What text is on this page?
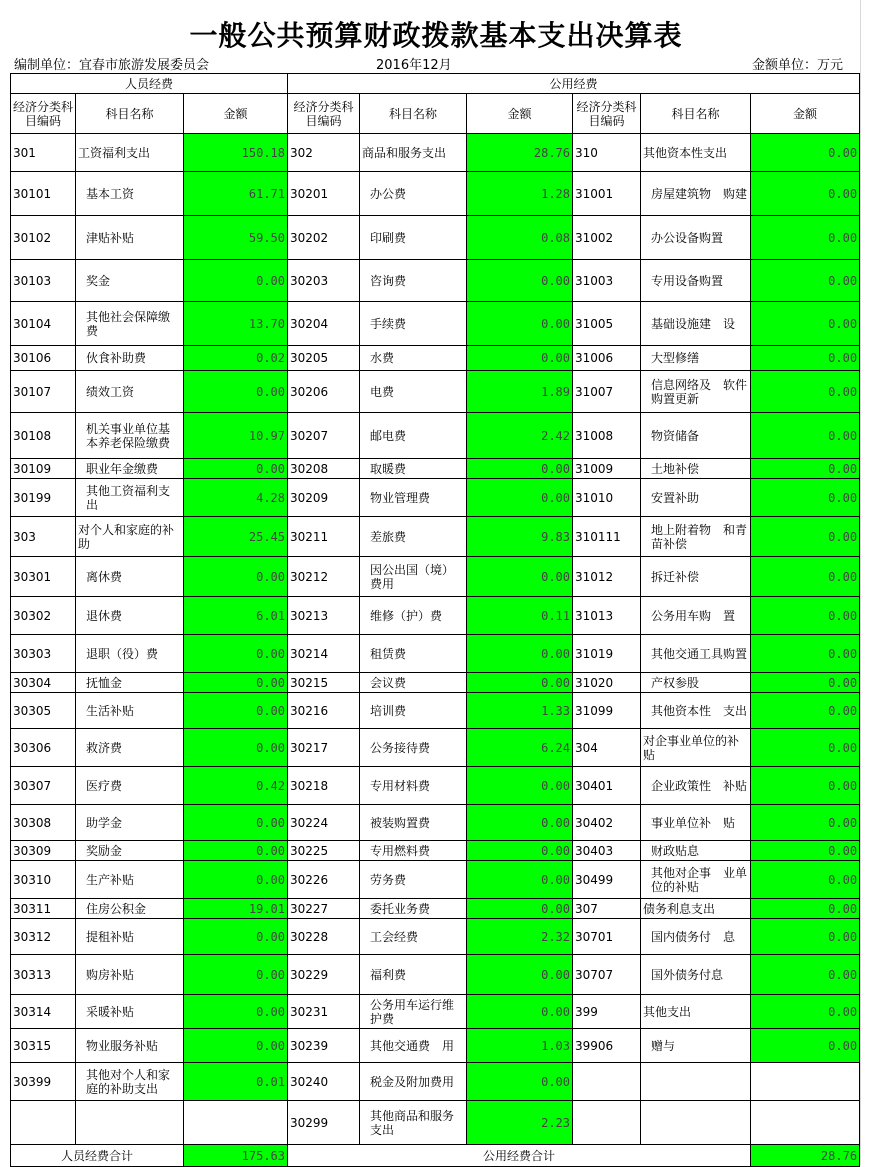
一般公共预算财政拨款基本支出决算表
编制单位：宜春市旅游发展委员会	2016年12月	金额单位：万元
人员经费			公用经费					
经济分类科目编码	科目名称	金额	经济分类科目编码	科目名称	金额	经济分类科目编码	科目名称	金额
301	工资福利支出	150.18	302	商品和服务支出	28.76	310	其他资本性支出	0.00
30101	基本工资	61.71	30201	办公费	1.28	31001	房屋建筑物　购建	0.00
30102	津贴补贴	59.50	30202	印刷费	0.08	31002	办公设备购置	0.00
30103	奖金	0.00	30203	咨询费	0.00	31003	专用设备购置	0.00
30104	其他社会保障缴费	13.70	30204	手续费	0.00	31005	基础设施建　设	0.00
30106	伙食补助费	0.02	30205	水费	0.00	31006	大型修缮	0.00
30107	绩效工资	0.00	30206	电费	1.89	31007	信息网络及　软件购置更新	0.00
30108	机关事业单位基本养老保险缴费	10.97	30207	邮电费	2.42	31008	物资储备	0.00
30109	职业年金缴费	0.00	30208	取暖费	0.00	31009	土地补偿	0.00
30199	其他工资福利支出	4.28	30209	物业管理费	0.00	31010	安置补助	0.00
303	对个人和家庭的补助	25.45	30211	差旅费	9.83	310111	地上附着物　和青苗补偿	0.00
30301	离休费	0.00	30212	因公出国（境）费用	0.00	31012	拆迁补偿	0.00
30302	退休费	6.01	30213	维修（护）费	0.11	31013	公务用车购　置	0.00
30303	退职（役）费	0.00	30214	租赁费	0.00	31019	其他交通工具购置	0.00
30304	抚恤金	0.00	30215	会议费	0.00	31020	产权参股	0.00
30305	生活补贴	0.00	30216	培训费	1.33	31099	其他资本性　支出	0.00
30306	救济费	0.00	30217	公务接待费	6.24	304	对企事业单位的补贴	0.00
30307	医疗费	0.42	30218	专用材料费	0.00	30401	企业政策性　补贴	0.00
30308	助学金	0.00	30224	被装购置费	0.00	30402	事业单位补　贴	0.00
30309	奖励金	0.00	30225	专用燃料费	0.00	30403	财政贴息	0.00
30310	生产补贴	0.00	30226	劳务费	0.00	30499	其他对企事　业单位的补贴	0.00
30311	住房公积金	19.01	30227	委托业务费	0.00	307	债务利息支出	0.00
30312	提租补贴	0.00	30228	工会经费	2.32	30701	国内债务付　息	0.00
30313	购房补贴	0.00	30229	福利费	0.00	30707	国外债务付息	0.00
30314	采暖补贴	0.00	30231	公务用车运行维护费	0.00	399	其他支出	0.00
30315	物业服务补贴	0.00	30239	其他交通费　用	1.03	39906	赠与	0.00
30399	其他对个人和家庭的补助支出	0.01	30240	税金及附加费用	0.00			
			30299	其他商品和服务支出	2.23			
人员经费合计		175.63	公用经费合计					28.76
